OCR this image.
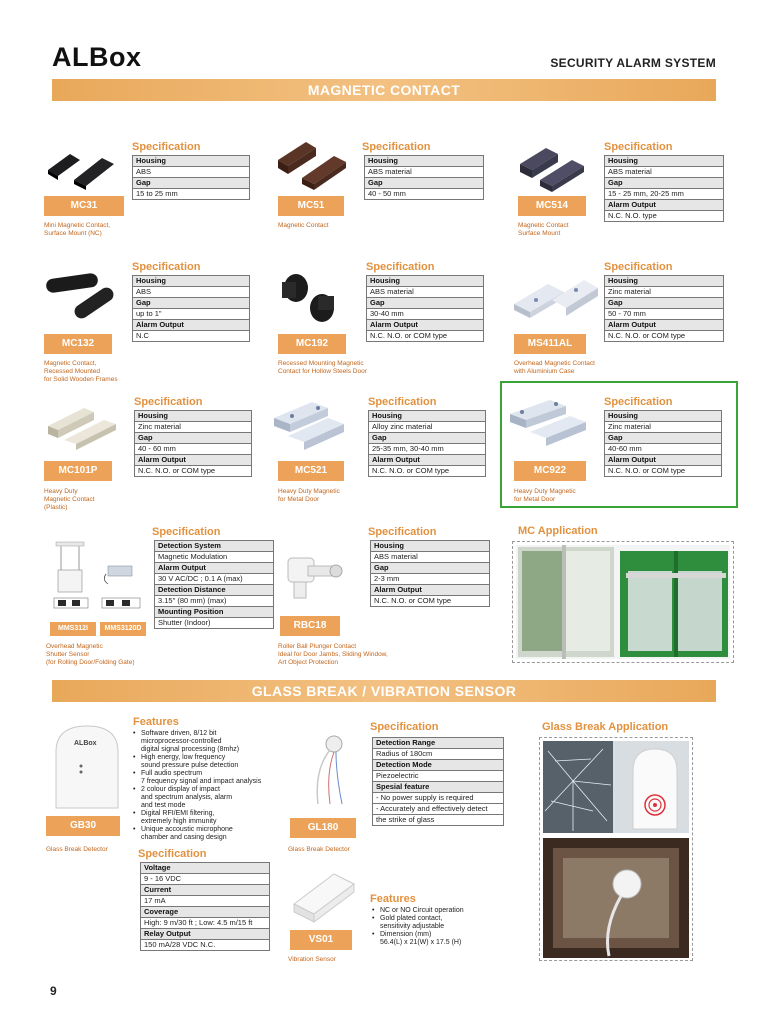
ALBox	SECURITY ALARM SYSTEM
MAGNETIC CONTACT
MC31
Mini Magnetic Contact,
Surface Mount (NC)
Specification
Housing
ABS
Gap
15 to 25 mm
MC51
Magnetic Contact
Specification
Housing
ABS material
Gap
40 - 50 mm
MC514
Magnetic Contact
Surface Mount
Specification
Housing
ABS material
Gap
15 - 25 mm, 20-25 mm
Alarm Output
N.C. N.O. type
MC132
Magnetic Contact,
Recessed Mounted
for Solid Wooden Frames
Specification
Housing
ABS
Gap
up to 1"
Alarm Output
N.C
MC192
Recessed Mounting Magnetic
Contact for Hollow Steels Door
Specification
Housing
ABS material
Gap
30-40 mm
Alarm Output
N.C. N.O. or COM type
MS411AL
Overhead Magnetic Contact
with Aluminium Case
Specification
Housing
Zinc material
Gap
50 - 70 mm
Alarm Output
N.C. N.O. or COM type
MC101P
Heavy Duty
Magnetic Contact
(Plastic)
Specification
Housing
Zinc material
Gap
40 - 60 mm
Alarm Output
N.C. N.O. or COM type	MC521
Heavy Duty Magnetic
for Metal Door
Specification
Housing
Alloy zinc material
Gap
25-35 mm, 30-40 mm
Alarm Output
N.C. N.O. or COM type	MC922
Heavy Duty Magnetic
for Metal Door
Specification
Housing
Zinc material
Gap
40-60 mm
Alarm Output
N.C. N.O. or COM type
MMS312I	MMS3120D
Overhead Magnetic
Shutter Sensor
(for Rolling Door/Folding Gate)
Specification
Detection System
Magnetic Modulation
Alarm Output
30 V AC/DC ; 0.1 A (max)
Detection Distance
3.15" (80 mm) (max)
Mounting Position
Shutter (Indoor)	RBC18
Roller Ball Plunger Contact
Ideal for Door Jambs, Sliding Window,
Art Object Protection
Specification
Housing
ABS material
Gap
2-3 mm
Alarm Output
N.C. N.O. or COM type
MC Application
GLASS BREAK / VIBRATION SENSOR
ALBox
GB30
Glass Break Detector
Features
• Software driven, 8/12 bit
microprocessor-controlled
digital signal processing (8mhz)
• High energy, low frequency
sound pressure pulse detection
• Full audio spectrum
7 frequency signal and impact analysis
• 2 colour display of impact
and spectrum analysis, alarm
and test mode
• Digital RFI/EMI filtering,
extremely high immunity
• Unique accoustic microphone
chamber and casing design
Specification
Voltage
9 - 16 VDC
Current
17 mA
Coverage
High: 9 m/30 ft ; Low: 4.5 m/15 ft
Relay Output
150 mA/28 VDC N.C.
GL180
Glass Break Detector
Specification
Detection Range
Radius of 180cm
Detection Mode
Piezoelectric
Spesial feature
- No power supply is required
- Accurately and effectively detect
the strike of glass
VS01
Vibration Sensor
Features
• NC or NO Circuit operation
• Gold plated contact,
sensitivity adjustable
• Dimension (mm)
56.4(L) x 21(W) x 17.5 (H)
Glass Break Application
9
